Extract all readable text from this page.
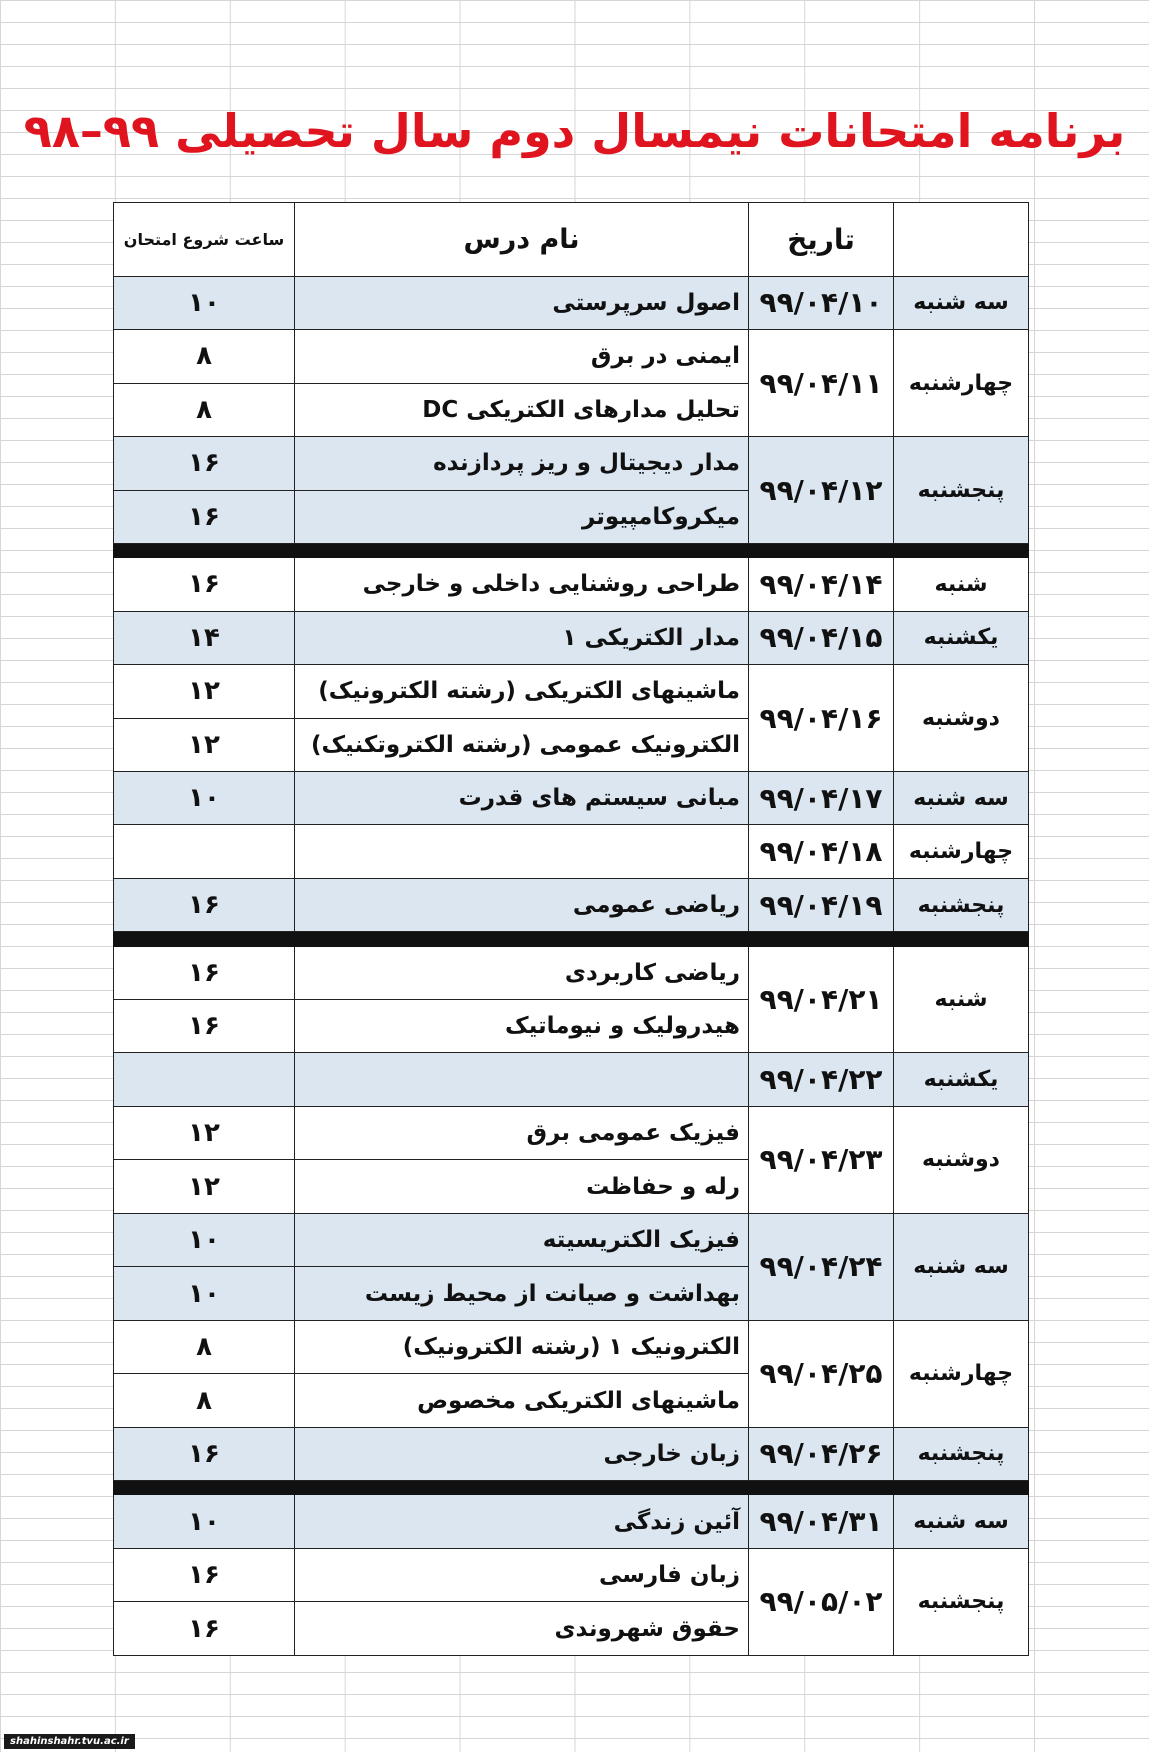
برنامه امتحانات نیمسال دوم سال تحصیلی ۹۹–۹۸
	تاریخ	نام درس	ساعت شروع امتحان
سه شنبه	۹۹/۰۴/۱۰	اصول سرپرستی	۱۰
چهارشنبه	۹۹/۰۴/۱۱	ایمنی در برق	۸
		تحلیل مدارهای الکتریکی DC	۸
پنجشنبه	۹۹/۰۴/۱۲	مدار دیجیتال و ریز پردازنده	۱۶
		میکروکامپیوتر	۱۶

شنبه	۹۹/۰۴/۱۴	طراحی روشنایی داخلی و خارجی	۱۶
یکشنبه	۹۹/۰۴/۱۵	مدار الکتریکی ۱	۱۴
دوشنبه	۹۹/۰۴/۱۶	ماشینهای الکتریکی (رشته الکترونیک)	۱۲
		الکترونیک عمومی (رشته الکتروتکنیک)	۱۲
سه شنبه	۹۹/۰۴/۱۷	مبانی سیستم های قدرت	۱۰
چهارشنبه	۹۹/۰۴/۱۸		
پنجشنبه	۹۹/۰۴/۱۹	ریاضی عمومی	۱۶

شنبه	۹۹/۰۴/۲۱	ریاضی کاربردی	۱۶
		هیدرولیک و نیوماتیک	۱۶
یکشنبه	۹۹/۰۴/۲۲		
دوشنبه	۹۹/۰۴/۲۳	فیزیک عمومی برق	۱۲
		رله و حفاظت	۱۲
سه شنبه	۹۹/۰۴/۲۴	فیزیک الکتریسیته	۱۰
		بهداشت و صیانت از محیط زیست	۱۰
چهارشنبه	۹۹/۰۴/۲۵	الکترونیک ۱ (رشته الکترونیک)	۸
		ماشینهای الکتریکی مخصوص	۸
پنجشنبه	۹۹/۰۴/۲۶	زبان خارجی	۱۶

سه شنبه	۹۹/۰۴/۳۱	آئین زندگی	۱۰
پنجشنبه	۹۹/۰۵/۰۲	زبان فارسی	۱۶
		حقوق شهروندی	۱۶
shahinshahr.tvu.ac.ir
